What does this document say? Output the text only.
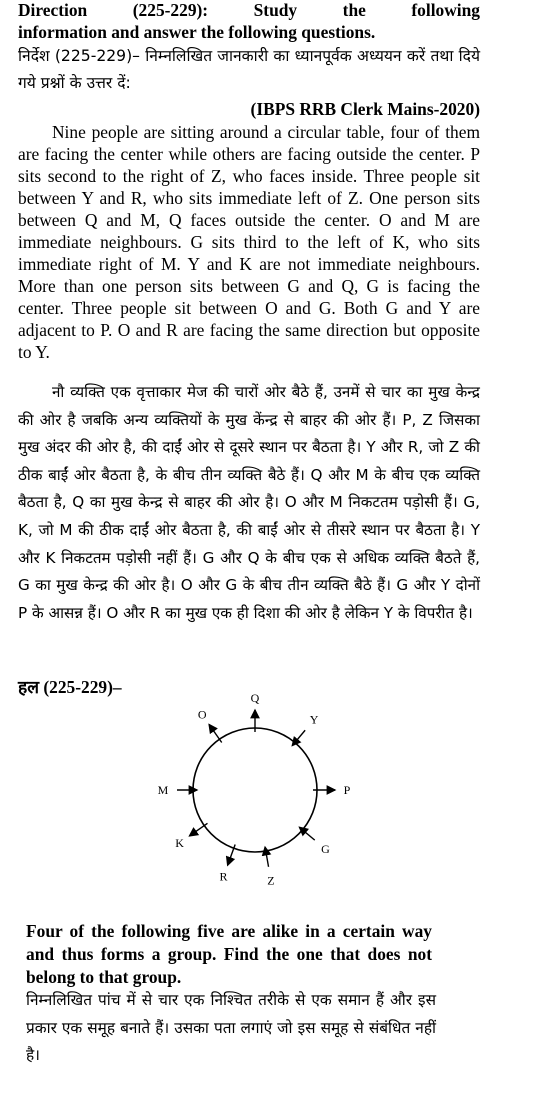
Direction (225-229): Study the following
information and answer the following questions.
निर्देश (225-229)– निम्नलिखित जानकारी का ध्यानपूर्वक अध्ययन करें तथा दिये गये प्रश्नों के उत्तर दें:
(IBPS RRB Clerk Mains-2020)
Nine people are sitting around a circular table, four of them are facing the center while others are facing outside the center. P sits second to the right of Z, who faces inside. Three people sit between Y and R, who sits immediate left of Z. One person sits between Q and M, Q faces outside the center. O and M are immediate neighbours. G sits third to the left of K, who sits immediate right of M. Y and K are not immediate neighbours. More than one person sits between G and Q, G is facing the center. Three people sit between O and G. Both G and Y are adjacent to P. O and R are facing the same direction but opposite to Y.
नौ व्यक्ति एक वृत्ताकार मेज की चारों ओर बैठे हैं, उनमें से चार का मुख केन्द्र की ओर है जबकि अन्य व्यक्तियों के मुख केंन्द्र से बाहर की ओर हैं। P, Z जिसका मुख अंदर की ओर है, की दाईं ओर से दूसरे स्थान पर बैठता है। Y और R, जो Z की ठीक बाईं ओर बैठता है, के बीच तीन व्यक्ति बैठे हैं। Q और M के बीच एक व्यक्ति बैठता है, Q का मुख केन्द्र से बाहर की ओर है। O और M निकटतम पड़ोसी हैं। G, K, जो M की ठीक दाईं ओर बैठता है, की बाईं ओर से तीसरे स्थान पर बैठता है। Y और K निकटतम पड़ोसी नहीं हैं। G और Q के बीच एक से अधिक व्यक्ति बैठते हैं, G का मुख केन्द्र की ओर है। O और G के बीच तीन व्यक्ति बैठे हैं। G और Y दोनों P के आसन्न हैं। O और R का मुख एक ही दिशा की ओर है लेकिन Y के विपरीत है।
हल (225-229)–
Q
Y
P
G
Z
R
K
M
O
Four of the following five are alike in a certain way and thus forms a group. Find the one that does not belong to that group.
निम्नलिखित पांच में से चार एक निश्चित तरीके से एक समान हैं और इस प्रकार एक समूह बनाते हैं। उसका पता लगाएं जो इस समूह से संबंधित नहीं है।
